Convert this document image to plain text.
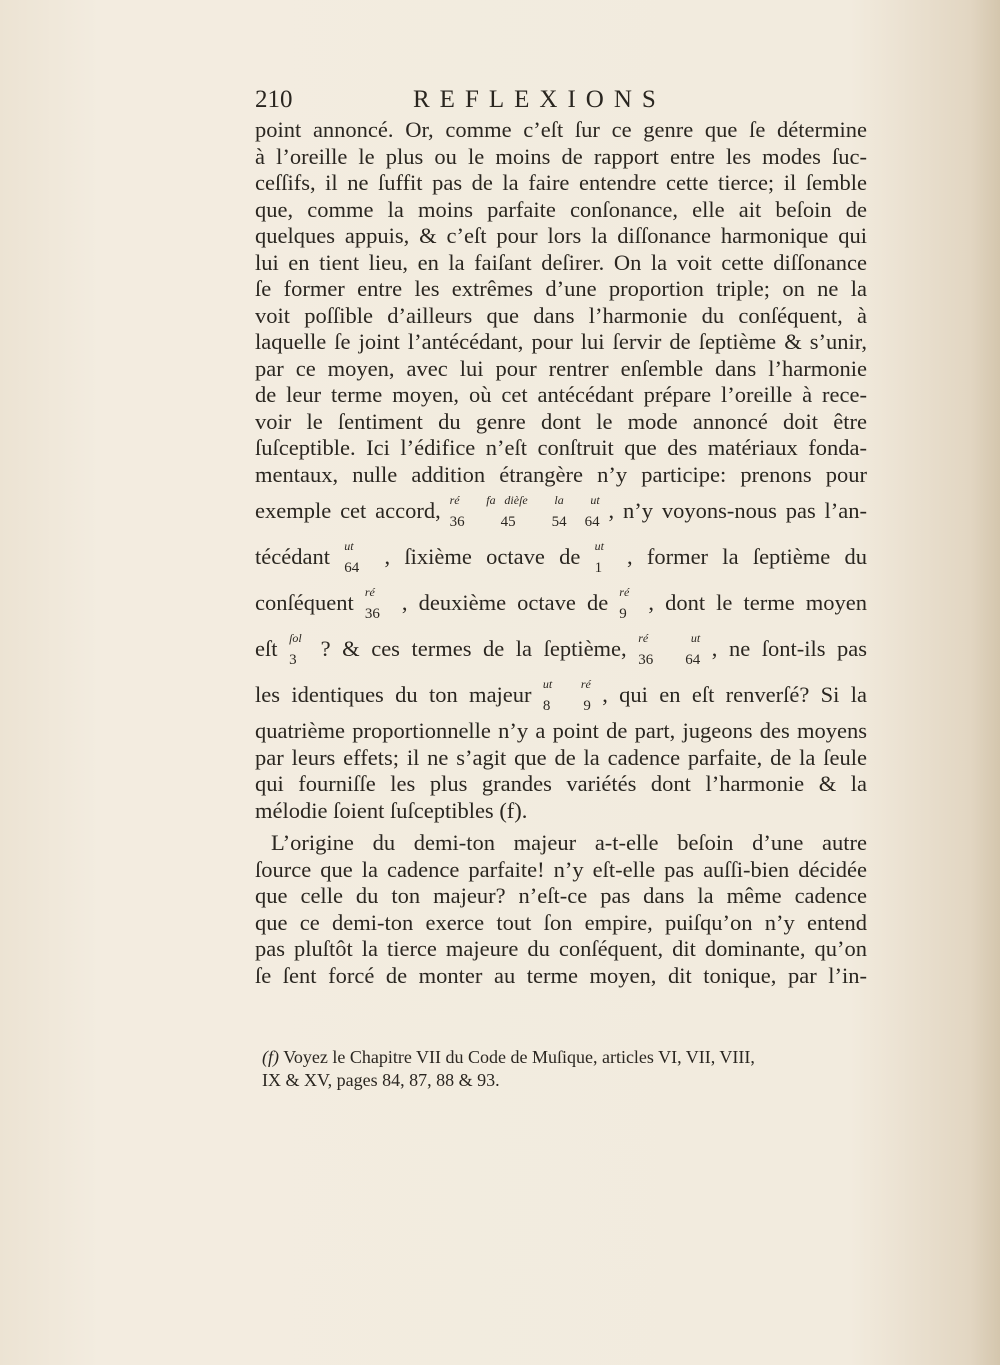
210	REFLEXIONS
point annoncé. Or, comme c’eſt ſur ce genre que ſe détermine
à l’oreille le plus ou le moins de rapport entre les modes ſuc-
ceſſifs, il ne ſuffit pas de la faire entendre cette tierce; il ſemble
que, comme la moins parfaite conſonance, elle ait beſoin de
quelques appuis, & c’eſt pour lors la diſſonance harmonique qui
lui en tient lieu, en la faiſant deſirer. On la voit cette diſſonance
ſe former entre les extrêmes d’une proportion triple; on ne la
voit poſſible d’ailleurs que dans l’harmonie du conſéquent, à
laquelle ſe joint l’antécédant, pour lui ſervir de ſeptième & s’unir,
par ce moyen, avec lui pour rentrer enſemble dans l’harmonie
de leur terme moyen, où cet antécédant prépare l’oreille à rece-
voir le ſentiment du genre dont le mode annoncé doit être
ſuſceptible. Ici l’édifice n’eſt conſtruit que des matériaux fonda-
mentaux, nulle addition étrangère n’y participe: prenons pour
exemple cet accord, ré fa dièſe la ut
36 45 54 64 , n’y voyons-nous pas l’an-
técédant ut
64	, ſixième octave de ut
1	, former la ſeptième du
conſéquent ré
36 , deuxième octave de ré
9 , dont le terme moyen
eſt ſol
3	? & ces termes de la ſeptième, ré	ut
36 64 , ne ſont-ils pas
les identiques du ton majeur ut ré
8 9 , qui en eſt renverſé? Si la
quatrième proportionnelle n’y a point de part, jugeons des moyens
par leurs effets; il ne s’agit que de la cadence parfaite, de la ſeule
qui fourniſſe les plus grandes variétés dont l’harmonie & la
mélodie ſoient ſuſceptibles (f).
L’origine du demi-ton majeur a-t-elle beſoin d’une autre
ſource que la cadence parfaite! n’y eſt-elle pas auſſi-bien décidée
que celle du ton majeur? n’eſt-ce pas dans la même cadence
que ce demi-ton exerce tout ſon empire, puiſqu’on n’y entend
pas pluſtôt la tierce majeure du conſéquent, dit dominante, qu’on
ſe ſent forcé de monter au terme moyen, dit tonique, par l’in-
(f) Voyez le Chapitre VII du Code de Muſique, articles VI, VII, VIII,
IX & XV, pages 84, 87, 88 & 93.
